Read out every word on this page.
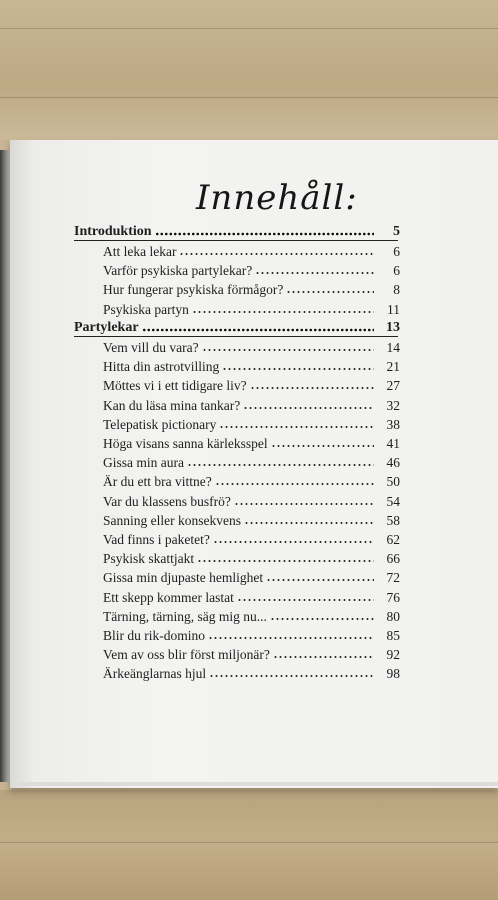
Innehåll:
Introduktion	5
Att leka lekar	6
Varför psykiska partylekar?	6
Hur fungerar psykiska förmågor?	8
Psykiska partyn	11
Partylekar	13
Vem vill du vara?	14
Hitta din astrotvilling	21
Möttes vi i ett tidigare liv?	27
Kan du läsa mina tankar?	32
Telepatisk pictionary	38
Höga visans sanna kärleksspel	41
Gissa min aura	46
Är du ett bra vittne?	50
Var du klassens busfrö?	54
Sanning eller konsekvens	58
Vad finns i paketet?	62
Psykisk skattjakt	66
Gissa min djupaste hemlighet	72
Ett skepp kommer lastat	76
Tärning, tärning, säg mig nu...	80
Blir du rik-domino	85
Vem av oss blir först miljonär?	92
Ärkeänglarnas hjul	98
